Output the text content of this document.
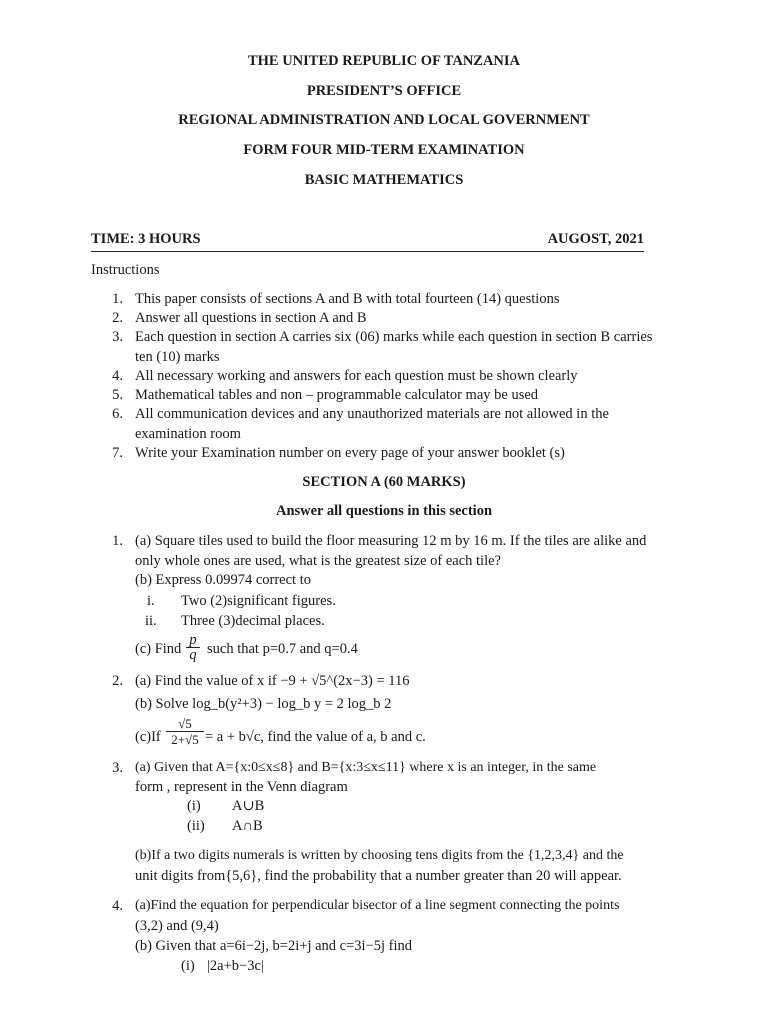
THE UNITED REPUBLIC OF TANZANIA
PRESIDENT’S OFFICE
REGIONAL ADMINISTRATION AND LOCAL GOVERNMENT
FORM FOUR MID-TERM EXAMINATION
BASIC MATHEMATICS
TIME: 3 HOURS	AUGOST, 2021
Instructions
1. This paper consists of sections A and B with total fourteen (14) questions
2. Answer all questions in section A and B
3. Each question in section A carries six (06) marks while each question in section B carries
ten (10) marks
4. All necessary working and answers for each question must be shown clearly
5. Mathematical tables and non – programmable calculator may be used
6. All communication devices and any unauthorized materials are not allowed in the
examination room
7. Write your Examination number on every page of your answer booklet (s)
SECTION A (60 MARKS)
Answer all questions in this section
1. (a) Square tiles used to build the floor measuring 12 m by 16 m. If the tiles are alike and
only whole ones are used, what is the greatest size of each tile?
(b) Express 0.09974 correct to
i. Two (2)significant figures.
ii. Three (3)decimal places.
(c) Find
p
q such that p=0.7 and q=0.4
2. (a) Find the value of x if −9 + √5^(2x−3) = 116
(b) Solve log_b(y²+3) − log_b y = 2 log_b 2
(c)If
√5
2+√5 = a + b√c, find the value of a, b and c.
3. (a) Given that A={x:0≤x≤8} and B={x:3≤x≤11} where x is an integer, in the same
form , represent in the Venn diagram
(i) A∪B
(ii) A∩B
(b)If a two digits numerals is written by choosing tens digits from the {1,2,3,4} and the
unit digits from{5,6}, find the probability that a number greater than 20 will appear.
4. (a)Find the equation for perpendicular bisector of a line segment connecting the points
(3,2) and (9,4)
(b) Given that a=6i−2j, b=2i+j and c=3i−5j find
(i) |2a+b−3c|
